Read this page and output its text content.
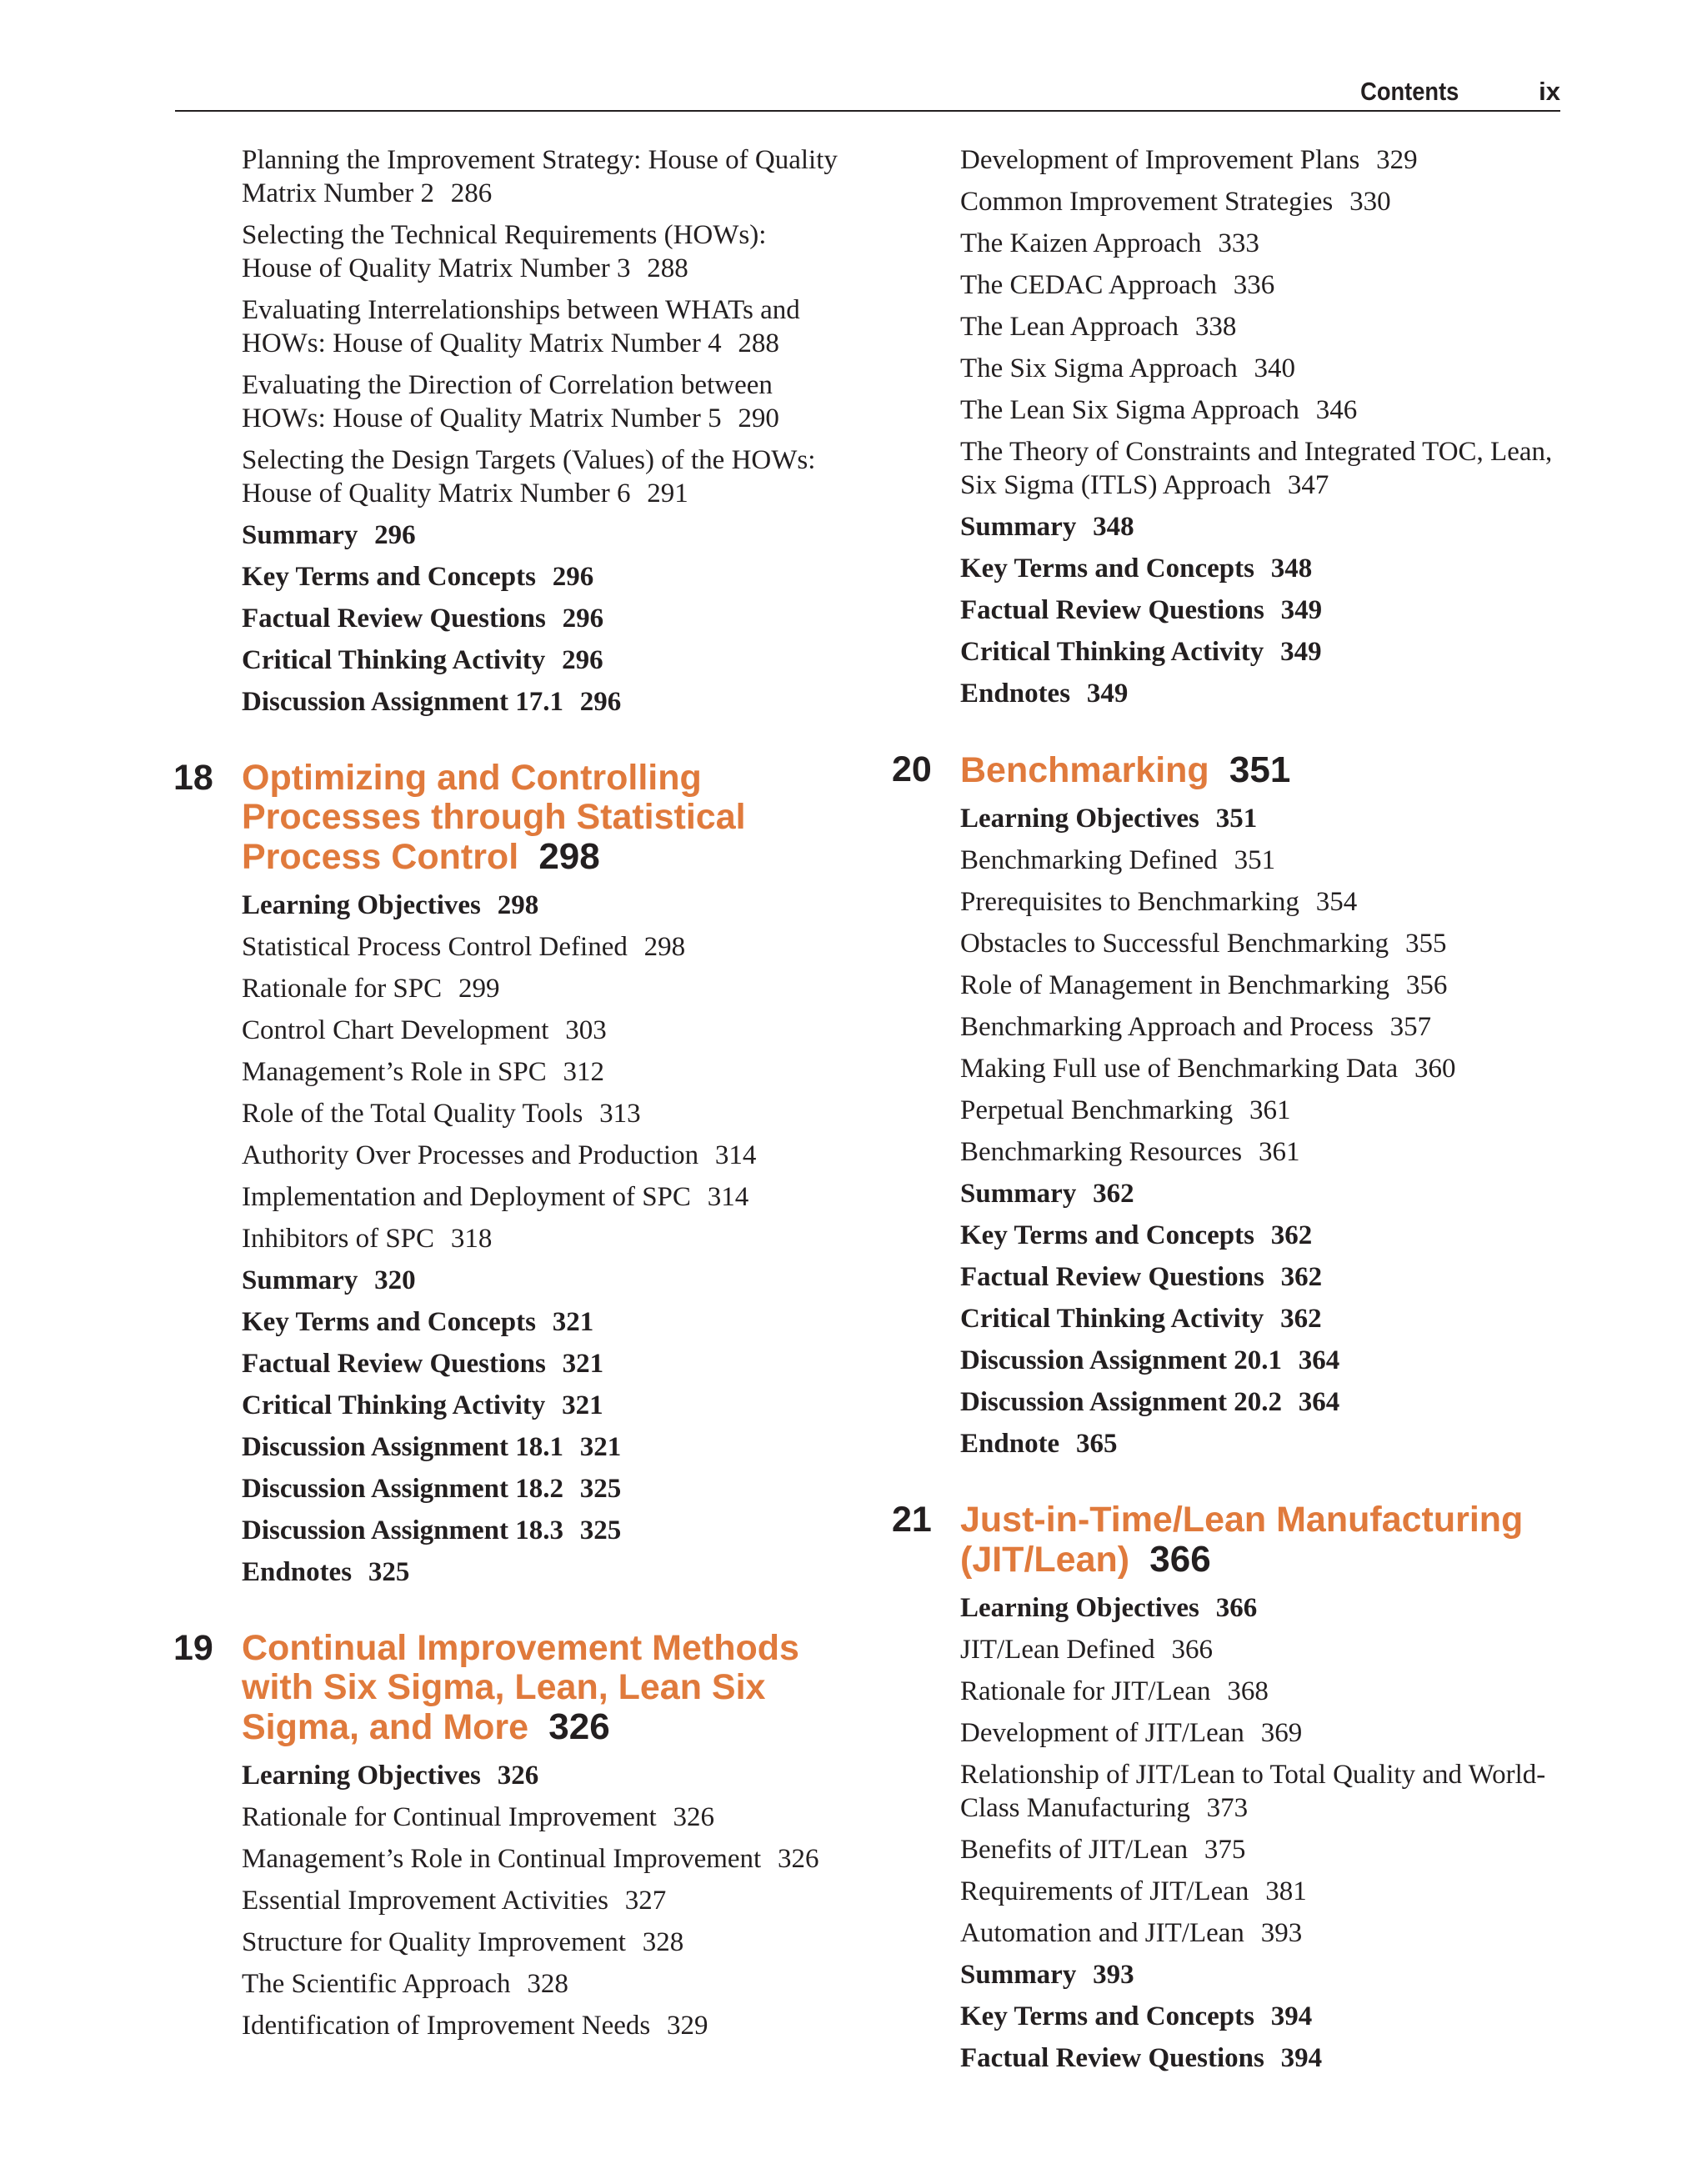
Contents	ix
Planning the Improvement Strategy: House of Quality Matrix Number 2 286
Selecting the Technical Requirements (HOWs): House of Quality Matrix Number 3 288
Evaluating Interrelationships between WHATs and HOWs: House of Quality Matrix Number 4 288
Evaluating the Direction of Correlation between HOWs: House of Quality Matrix Number 5 290
Selecting the Design Targets (Values) of the HOWs: House of Quality Matrix Number 6 291
Summary 296
Key Terms and Concepts 296
Factual Review Questions 296
Critical Thinking Activity 296
Discussion Assignment 17.1 296
18 Optimizing and Controlling Processes through Statistical Process Control 298
Learning Objectives 298
Statistical Process Control Defined 298
Rationale for SPC 299
Control Chart Development 303
Management’s Role in SPC 312
Role of the Total Quality Tools 313
Authority Over Processes and Production 314
Implementation and Deployment of SPC 314
Inhibitors of SPC 318
Summary 320
Key Terms and Concepts 321
Factual Review Questions 321
Critical Thinking Activity 321
Discussion Assignment 18.1 321
Discussion Assignment 18.2 325
Discussion Assignment 18.3 325
Endnotes 325
19 Continual Improvement Methods with Six Sigma, Lean, Lean Six Sigma, and More 326
Learning Objectives 326
Rationale for Continual Improvement 326
Management’s Role in Continual Improvement 326
Essential Improvement Activities 327
Structure for Quality Improvement 328
The Scientific Approach 328
Identification of Improvement Needs 329
Development of Improvement Plans 329
Common Improvement Strategies 330
The Kaizen Approach 333
The CEDAC Approach 336
The Lean Approach 338
The Six Sigma Approach 340
The Lean Six Sigma Approach 346
The Theory of Constraints and Integrated TOC, Lean, Six Sigma (ITLS) Approach 347
Summary 348
Key Terms and Concepts 348
Factual Review Questions 349
Critical Thinking Activity 349
Endnotes 349
20 Benchmarking 351
Learning Objectives 351
Benchmarking Defined 351
Prerequisites to Benchmarking 354
Obstacles to Successful Benchmarking 355
Role of Management in Benchmarking 356
Benchmarking Approach and Process 357
Making Full use of Benchmarking Data 360
Perpetual Benchmarking 361
Benchmarking Resources 361
Summary 362
Key Terms and Concepts 362
Factual Review Questions 362
Critical Thinking Activity 362
Discussion Assignment 20.1 364
Discussion Assignment 20.2 364
Endnote 365
21 Just-in-Time/Lean Manufacturing (JIT/Lean) 366
Learning Objectives 366
JIT/Lean Defined 366
Rationale for JIT/Lean 368
Development of JIT/Lean 369
Relationship of JIT/Lean to Total Quality and World-Class Manufacturing 373
Benefits of JIT/Lean 375
Requirements of JIT/Lean 381
Automation and JIT/Lean 393
Summary 393
Key Terms and Concepts 394
Factual Review Questions 394
